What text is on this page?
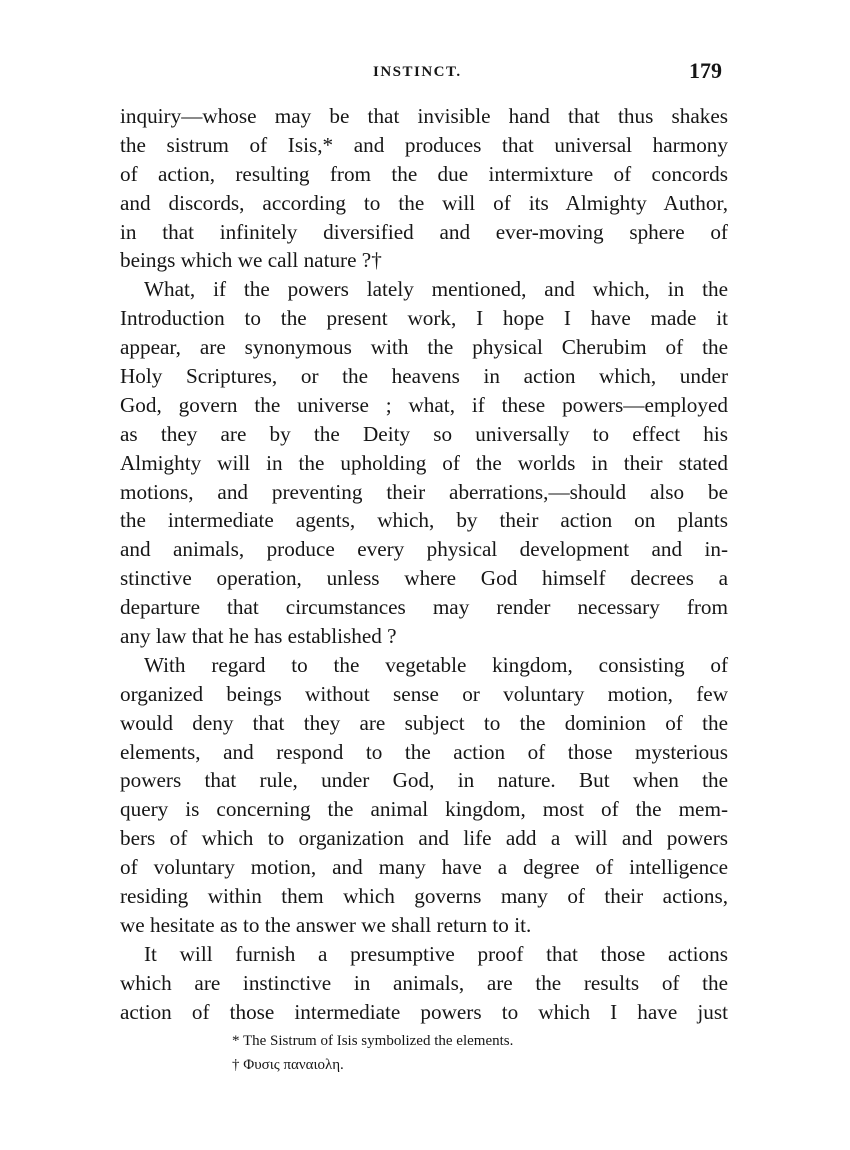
INSTINCT.	179
inquiry—whose may be that invisible hand that thus shakes
the sistrum of Isis,* and produces that universal harmony
of action, resulting from the due intermixture of concords
and discords, according to the will of its Almighty Author,
in that infinitely diversified and ever-moving sphere of
beings which we call nature ?†
What, if the powers lately mentioned, and which, in the
Introduction to the present work, I hope I have made it
appear, are synonymous with the physical Cherubim of the
Holy Scriptures, or the heavens in action which, under
God, govern the universe ; what, if these powers—employed
as they are by the Deity so universally to effect his
Almighty will in the upholding of the worlds in their stated
motions, and preventing their aberrations,—should also be
the intermediate agents, which, by their action on plants
and animals, produce every physical development and in-
stinctive operation, unless where God himself decrees a
departure that circumstances may render necessary from
any law that he has established ?
With regard to the vegetable kingdom, consisting of
organized beings without sense or voluntary motion, few
would deny that they are subject to the dominion of the
elements, and respond to the action of those mysterious
powers that rule, under God, in nature. But when the
query is concerning the animal kingdom, most of the mem-
bers of which to organization and life add a will and powers
of voluntary motion, and many have a degree of intelligence
residing within them which governs many of their actions,
we hesitate as to the answer we shall return to it.
It will furnish a presumptive proof that those actions
which are instinctive in animals, are the results of the
action of those intermediate powers to which I have just
* The Sistrum of Isis symbolized the elements.
† Φυσις παναιολη.
